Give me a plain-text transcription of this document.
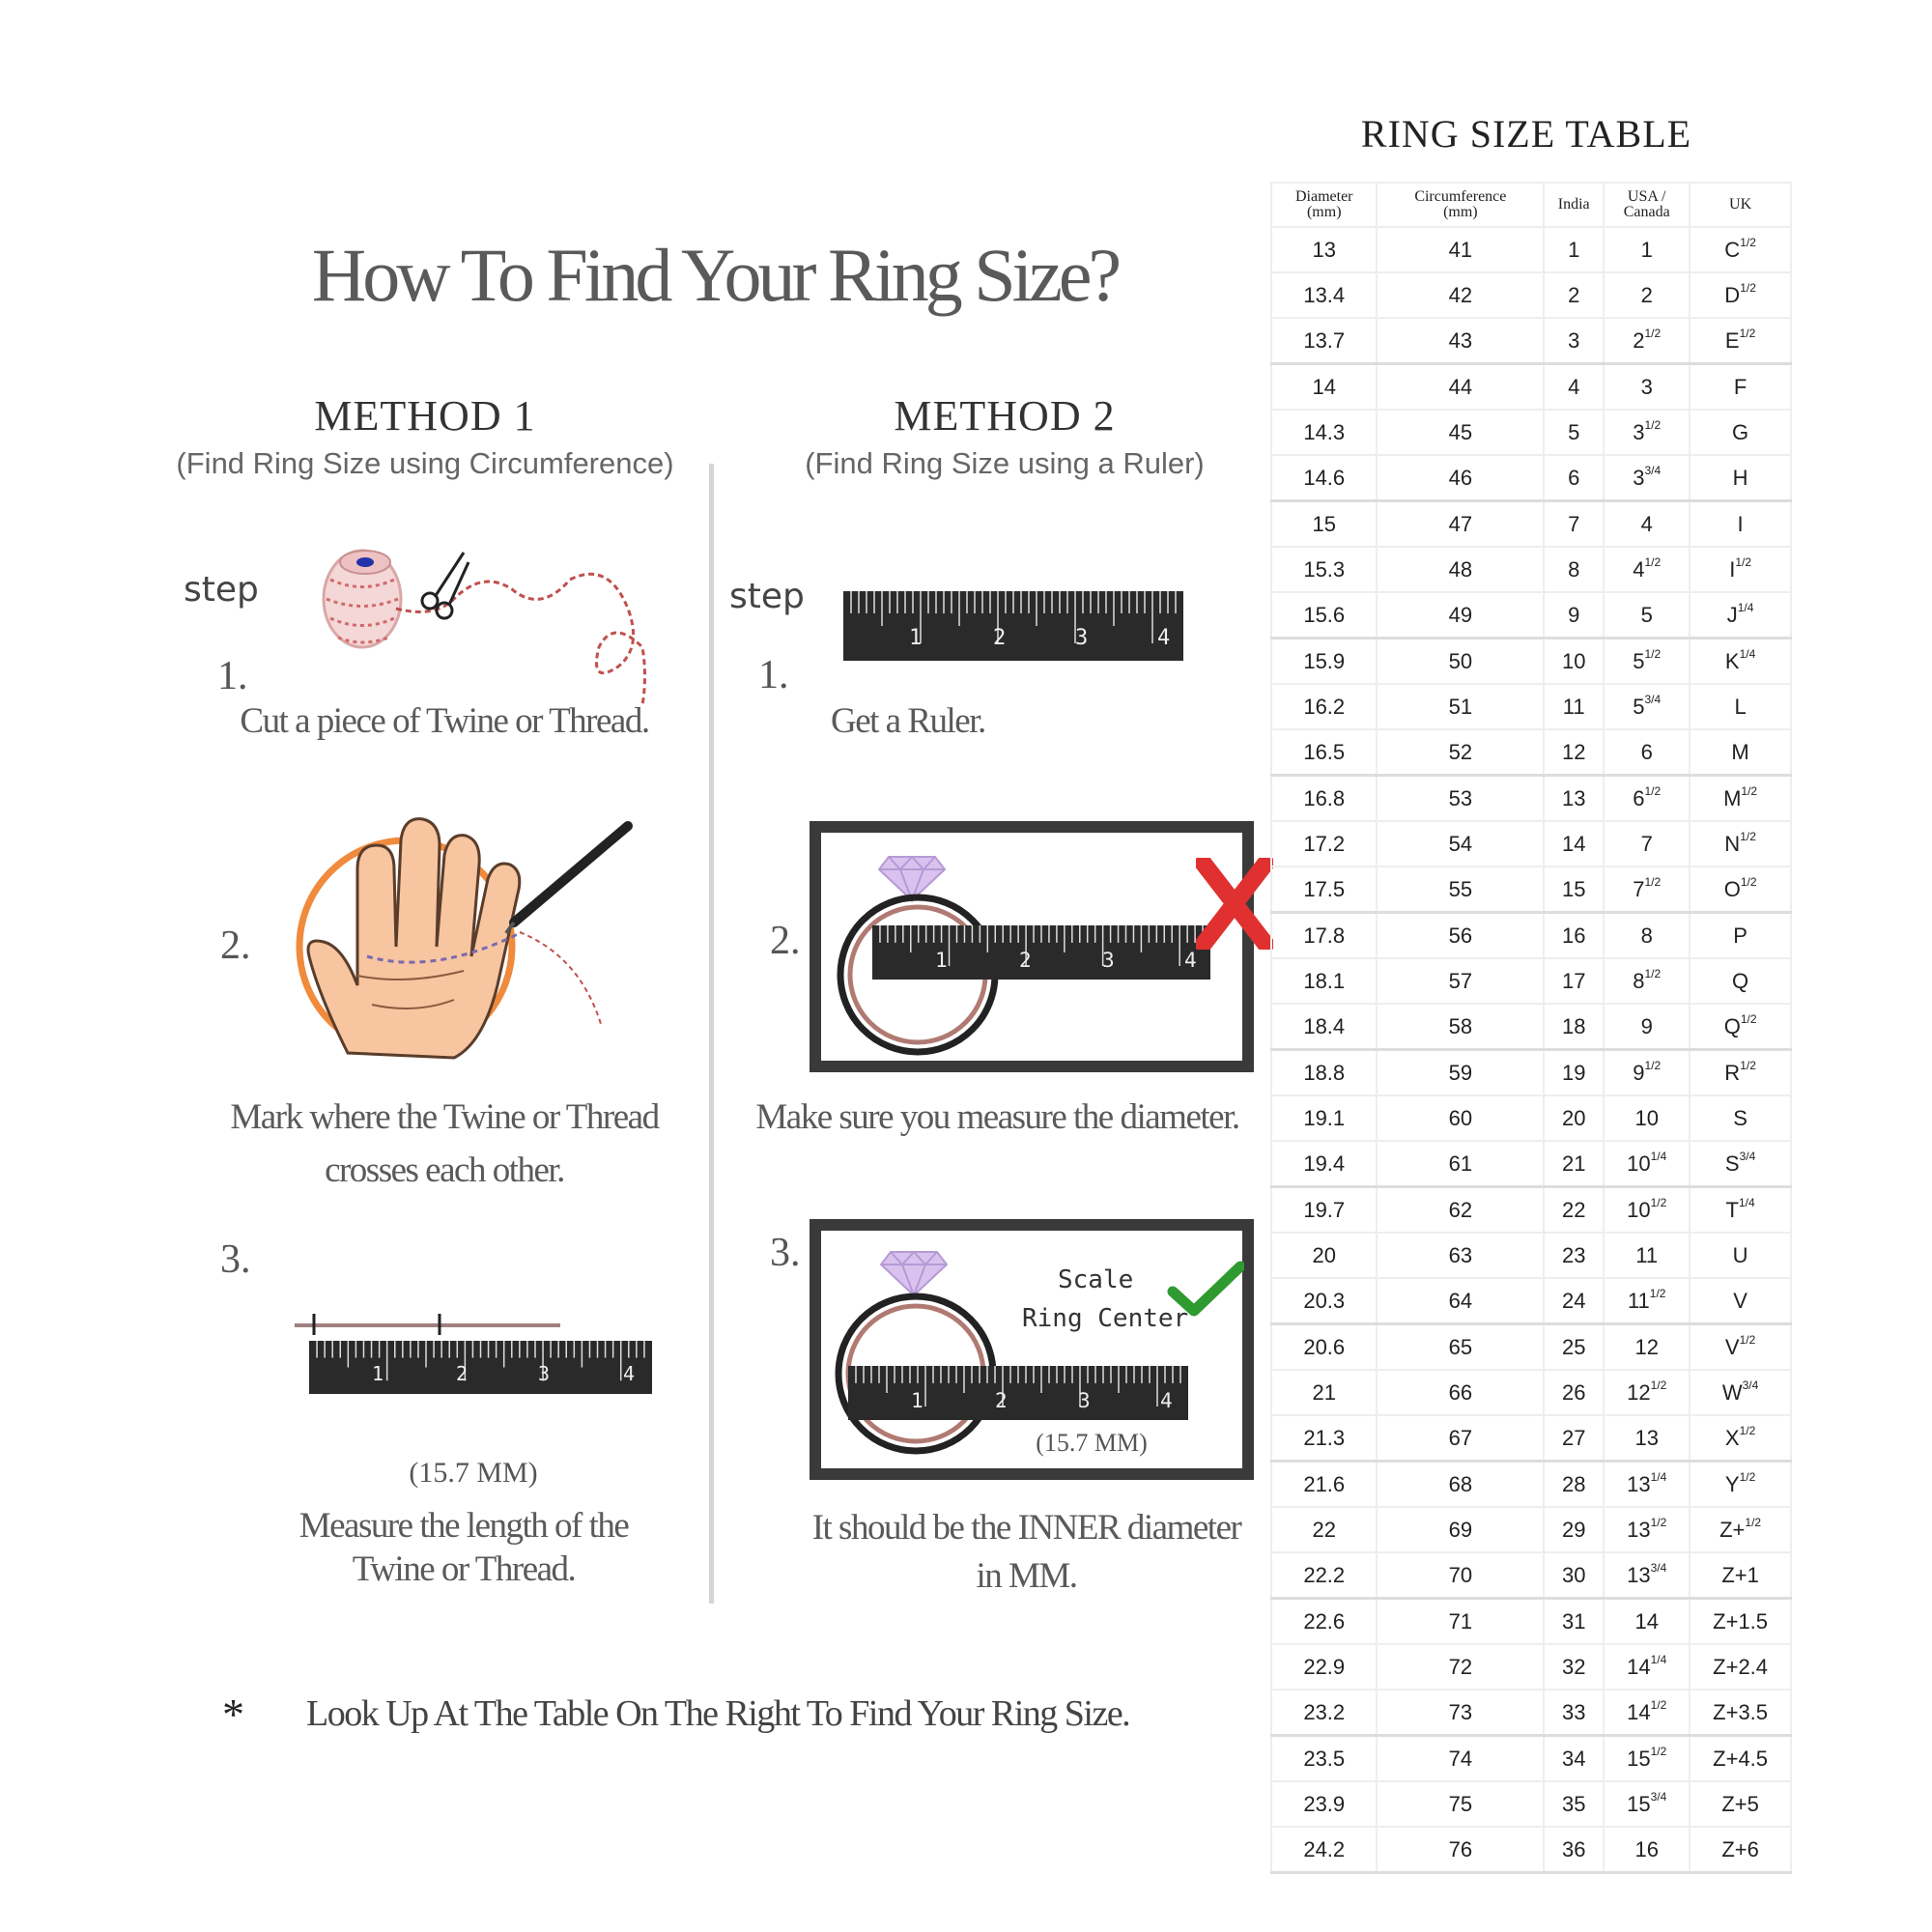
How To Find Your Ring Size?
METHOD 1
(Find Ring Size using Circumference)
step
1.
Cut a piece of Twine or Thread.
2.
Mark where the Twine or Thread
crosses each other.
3.
1	2	3	4
(15.7 MM)
Measure the length of the
Twine or Thread.
METHOD 2
(Find Ring Size using a Ruler)
step
1.
1	2	3	4
Get a Ruler.
2.	1	2	3	4
Make sure you measure the diameter.
3.
Scale
Ring Center
1	2	3	4
(15.7 MM)
It should be the INNER diameter
in MM.
* Look Up At The Table On The Right To Find Your Ring Size.
RING SIZE TABLE
Diameter
(mm)	Circumference
(mm)	India	USA /
Canada	UK
13	41	1	1	$C^{1/2}$
13.4	42	2	2	$D^{1/2}$
13.7	43	3	$2^{1/2}$	$E^{1/2}$
14	44	4	3	F
14.3	45	5	$3^{1/2}$	G
14.6	46	6	$3^{3/4}$	H
15	47	7	4	I
15.3	48	8	$4^{1/2}$	$I^{1/2}$
15.6	49	9	5	$J^{1/4}$
15.9	50	10	$5^{1/2}$	$K^{1/4}$
16.2	51	11	$5^{3/4}$	L
16.5	52	12	6	M
16.8	53	13	$6^{1/2}$	$M^{1/2}$
17.2	54	14	7	$N^{1/2}$
17.5	55	15	$7^{1/2}$	$O^{1/2}$
17.8	56	16	8	P
18.1	57	17	$8^{1/2}$	Q
18.4	58	18	9	$Q^{1/2}$
18.8	59	19	$9^{1/2}$	$R^{1/2}$
19.1	60	20	10	S
19.4	61	21	$10^{1/4}$	$S^{3/4}$
19.7	62	22	$10^{1/2}$	$T^{1/4}$
20	63	23	11	U
20.3	64	24	$11^{1/2}$	V
20.6	65	25	12	$V^{1/2}$
21	66	26	$12^{1/2}$	$W^{3/4}$
21.3	67	27	13	$X^{1/2}$
21.6	68	28	$13^{1/4}$	$Y^{1/2}$
22	69	29	$13^{1/2}$	Z+$^{1/2}$
22.2	70	30	$13^{3/4}$	Z+1
22.6	71	31	14	Z+1.5
22.9	72	32	$14^{1/4}$	Z+2.4
23.2	73	33	$14^{1/2}$	Z+3.5
23.5	74	34	$15^{1/2}$	Z+4.5
23.9	75	35	$15^{3/4}$	Z+5
24.2	76	36	16	Z+6
